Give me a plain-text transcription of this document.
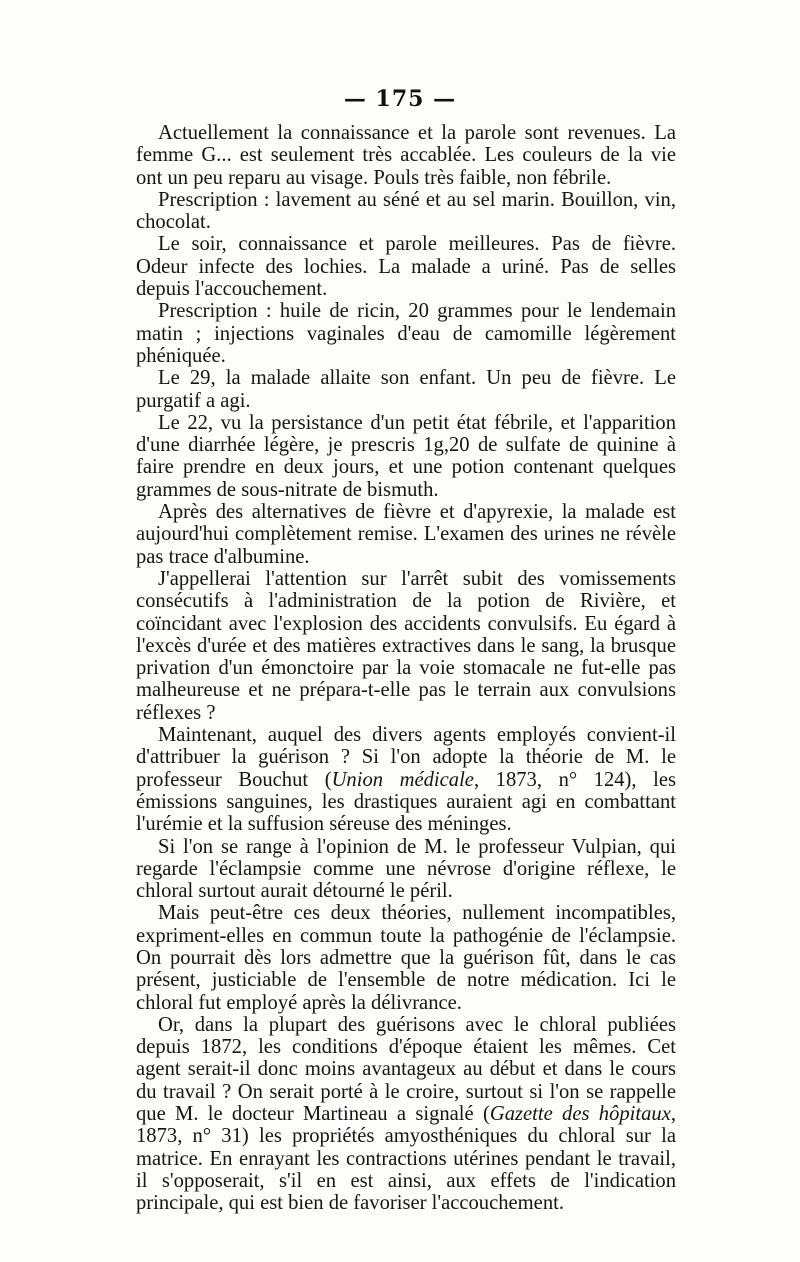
— 175 —

Actuellement la connaissance et la parole sont revenues. La femme G... est seulement très accablée. Les couleurs de la vie ont un peu reparu au visage. Pouls très faible, non fébrile.

Prescription : lavement au séné et au sel marin. Bouillon, vin, chocolat.

Le soir, connaissance et parole meilleures. Pas de fièvre. Odeur infecte des lochies. La malade a uriné. Pas de selles depuis l'accouchement.

Prescription : huile de ricin, 20 grammes pour le lendemain matin ; injections vaginales d'eau de camomille légèrement phéniquée.

Le 29, la malade allaite son enfant. Un peu de fièvre. Le purgatif a agi.

Le 22, vu la persistance d'un petit état fébrile, et l'apparition d'une diarrhée légère, je prescris 1g,20 de sulfate de quinine à faire prendre en deux jours, et une potion contenant quelques grammes de sous-nitrate de bismuth.

Après des alternatives de fièvre et d'apyrexie, la malade est aujourd'hui complètement remise. L'examen des urines ne révèle pas trace d'albumine.

J'appellerai l'attention sur l'arrêt subit des vomissements consécutifs à l'administration de la potion de Rivière, et coïncidant avec l'explosion des accidents convulsifs. Eu égard à l'excès d'urée et des matières extractives dans le sang, la brusque privation d'un émonctoire par la voie stomacale ne fut-elle pas malheureuse et ne prépara-t-elle pas le terrain aux convulsions réflexes ?

Maintenant, auquel des divers agents employés convient-il d'attribuer la guérison ? Si l'on adopte la théorie de M. le professeur Bouchut (Union médicale, 1873, n° 124), les émissions sanguines, les drastiques auraient agi en combattant l'urémie et la suffusion séreuse des méninges.

Si l'on se range à l'opinion de M. le professeur Vulpian, qui regarde l'éclampsie comme une névrose d'origine réflexe, le chloral surtout aurait détourné le péril.

Mais peut-être ces deux théories, nullement incompatibles, expriment-elles en commun toute la pathogénie de l'éclampsie. On pourrait dès lors admettre que la guérison fût, dans le cas présent, justiciable de l'ensemble de notre médication. Ici le chloral fut employé après la délivrance.

Or, dans la plupart des guérisons avec le chloral publiées depuis 1872, les conditions d'époque étaient les mêmes. Cet agent serait-il donc moins avantageux au début et dans le cours du travail ? On serait porté à le croire, surtout si l'on se rappelle que M. le docteur Martineau a signalé (Gazette des hôpitaux, 1873, n° 31) les propriétés amyosthéniques du chloral sur la matrice. En enrayant les contractions utérines pendant le travail, il s'opposerait, s'il en est ainsi, aux effets de l'indication principale, qui est bien de favoriser l'accouchement.
